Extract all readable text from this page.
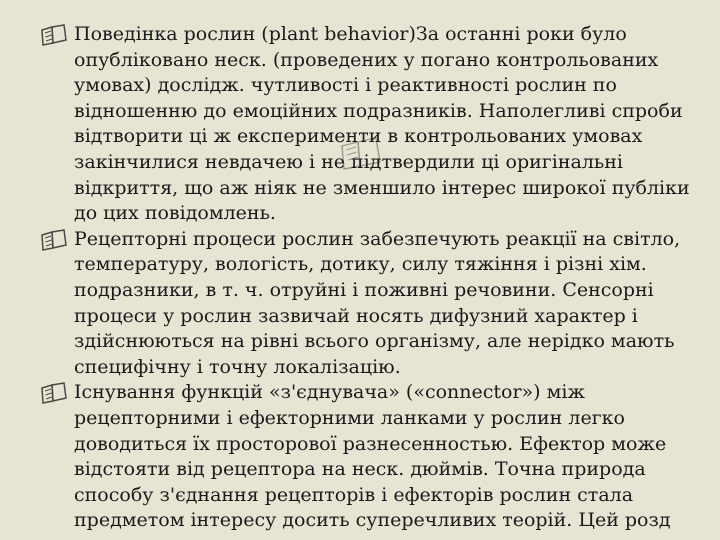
Поведінка рослин (plant behavior)За останні роки було опубліковано неск. (проведених у погано контрольованих умовах) дослідж. чутливості і реактивності рослин по відношенню до емоційних подразників. Наполегливі спроби відтворити ці ж експерименти в контрольованих умовах закінчилися невдачею і не підтвердили ці оригінальні відкриття, що аж ніяк не зменшило інтерес широкої публіки до цих повідомлень.
Рецепторні процеси рослин забезпечують реакції на світло, температуру, вологість, дотику, силу тяжіння і різні хім. подразники, в т. ч. отруйні і поживні речовини. Сенсорні процеси у рослин зазвичай носять дифузний характер і здійснюються на рівні всього організму, але нерідко мають специфічну і точну локалізацію.
Існування функцій «з'єднувача» («connector») між рецепторними і ефекторними ланками у рослин легко доводиться їх просторової разнесенностью. Ефектор може відстояти від рецептора на неск. дюймів. Точна природа способу з'єднання рецепторів і ефекторів рослин стала предметом інтересу досить суперечливих теорій. Цей розд
